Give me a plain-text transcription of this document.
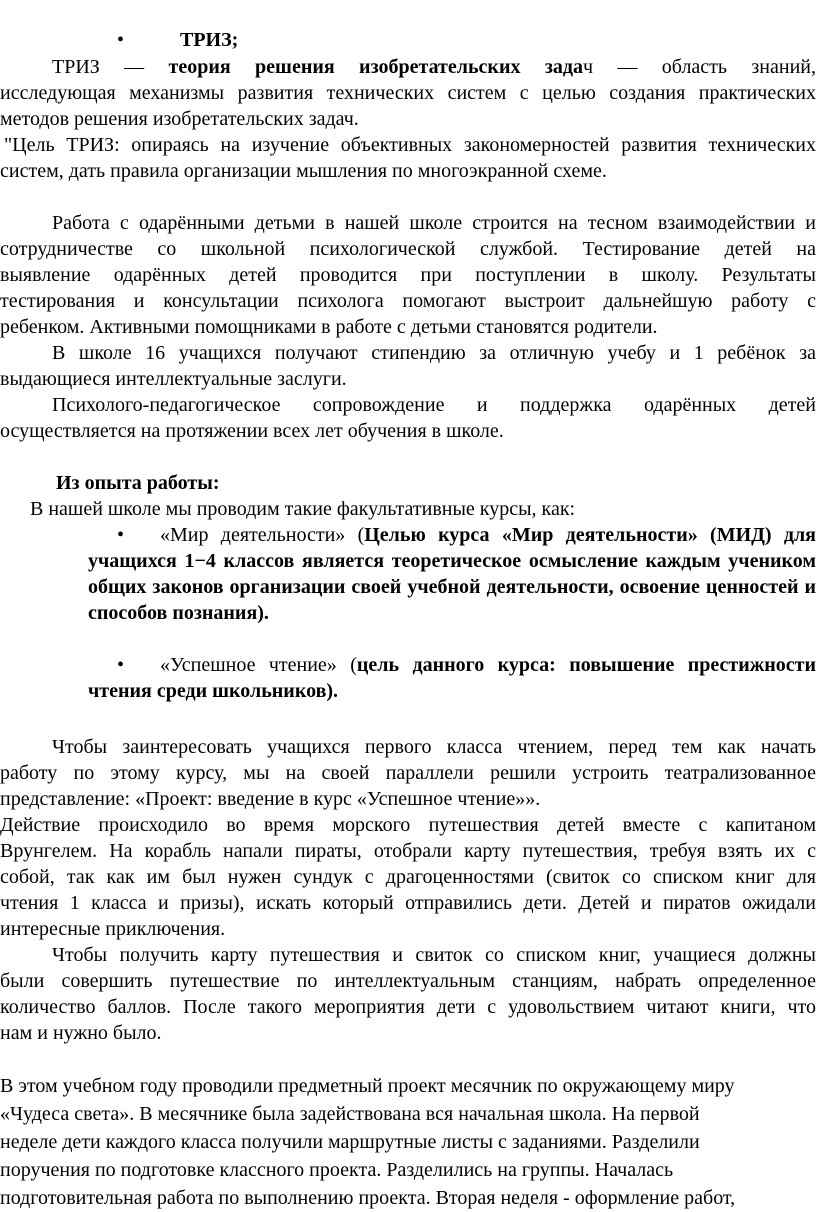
•	ТРИЗ;
ТРИЗ — теория решения изобретательских задач — область знаний,
исследующая механизмы развития технических систем с целью создания практических
методов решения изобретательских задач.
"Цель ТРИЗ: опираясь на изучение объективных закономерностей развития технических
систем, дать правила организации мышления по многоэкранной схеме.
Работа с одарёнными детьми в нашей школе строится на тесном взаимодействии и
сотрудничестве со школьной психологической службой. Тестирование детей на
выявление одарённых детей проводится при поступлении в школу. Результаты
тестирования и консультации психолога помогают выстроит дальнейшую работу с
ребенком. Активными помощниками в работе с детьми становятся родители.
В школе 16 учащихся получают стипендию за отличную учебу и 1 ребёнок за
выдающиеся интеллектуальные заслуги.
Психолого-педагогическое сопровождение и поддержка одарённых детей
осуществляется на протяжении всех лет обучения в школе.
Из опыта работы:
В нашей школе мы проводим такие факультативные курсы, как:
• «Мир деятельности» (Целью курса «Мир деятельности» (МИД) для
учащихся 1−4 классов является теоретическое осмысление каждым учеником
общих законов организации своей учебной деятельности, освоение ценностей и
способов познания).
• «Успешное чтение» (цель данного курса: повышение престижности
чтения среди школьников).
Чтобы заинтересовать учащихся первого класса чтением, перед тем как начать
работу по этому курсу, мы на своей параллели решили устроить театрализованное
представление: «Проект: введение в курс «Успешное чтение»».
Действие происходило во время морского путешествия детей вместе с капитаном
Врунгелем. На корабль напали пираты, отобрали карту путешествия, требуя взять их с
собой, так как им был нужен сундук с драгоценностями (свиток со списком книг для
чтения 1 класса и призы), искать который отправились дети. Детей и пиратов ожидали
интересные приключения.
Чтобы получить карту путешествия и свиток со списком книг, учащиеся должны
были совершить путешествие по интеллектуальным станциям, набрать определенное
количество баллов. После такого мероприятия дети с удовольствием читают книги, что
нам и нужно было.
В этом учебном году проводили предметный проект месячник по окружающему миру
«Чудеса света». В месячнике была задействована вся начальная школа. На первой
неделе дети каждого класса получили маршрутные листы с заданиями. Разделили
поручения по подготовке классного проекта. Разделились на группы. Началась
подготовительная работа по выполнению проекта. Вторая неделя - оформление работ,
